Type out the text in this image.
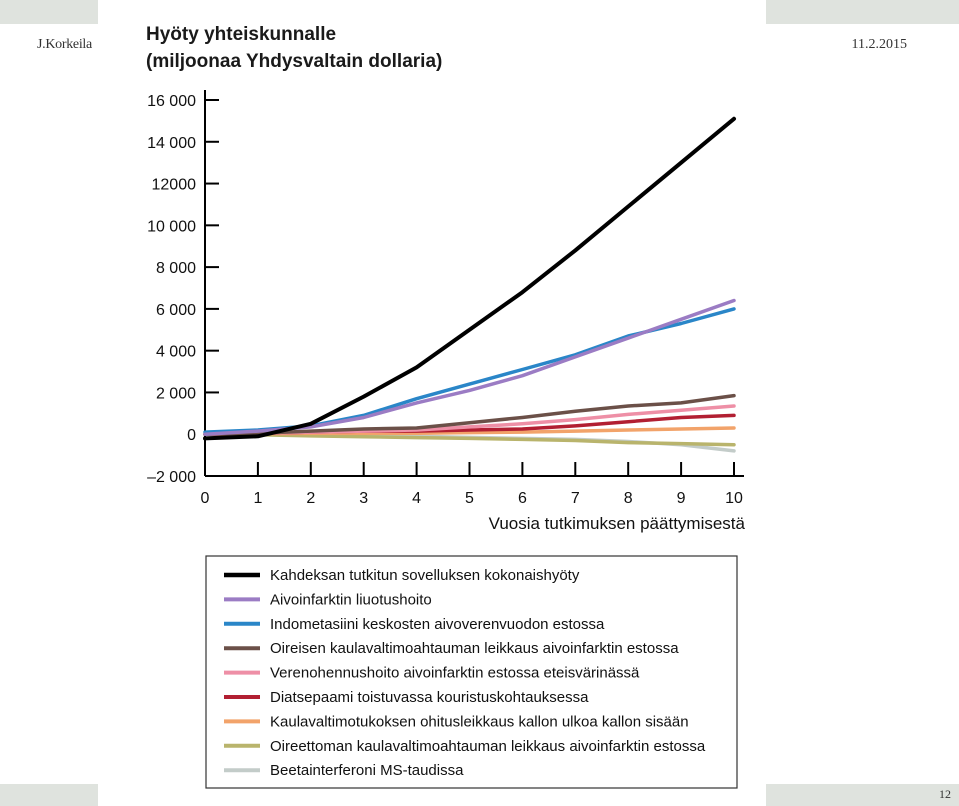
J.Korkeila	11.2.2015
12
Hyöty yhteiskunnalle
(miljoonaa Yhdysvaltain dollaria)
16 000
14 000
12000
10 000
8 000
6 000
4 000
2 000
0
–2 000
0	1	2	3	4	5	6	7	8	9 10
Vuosia tutkimuksen päättymisestä
Kahdeksan tutkitun sovelluksen kokonaishyöty
Aivoinfarktin liuotushoito
Indometasiini keskosten aivoverenvuodon estossa
Oireisen kaulavaltimoahtauman leikkaus aivoinfarktin estossa
Verenohennushoito aivoinfarktin estossa eteisvärinässä
Diatsepaami toistuvassa kouristuskohtauksessa
Kaulavaltimotukoksen ohitusleikkaus kallon ulkoa kallon sisään
Oireettoman kaulavaltimoahtauman leikkaus aivoinfarktin estossa
Beetainterferoni MS-taudissa
